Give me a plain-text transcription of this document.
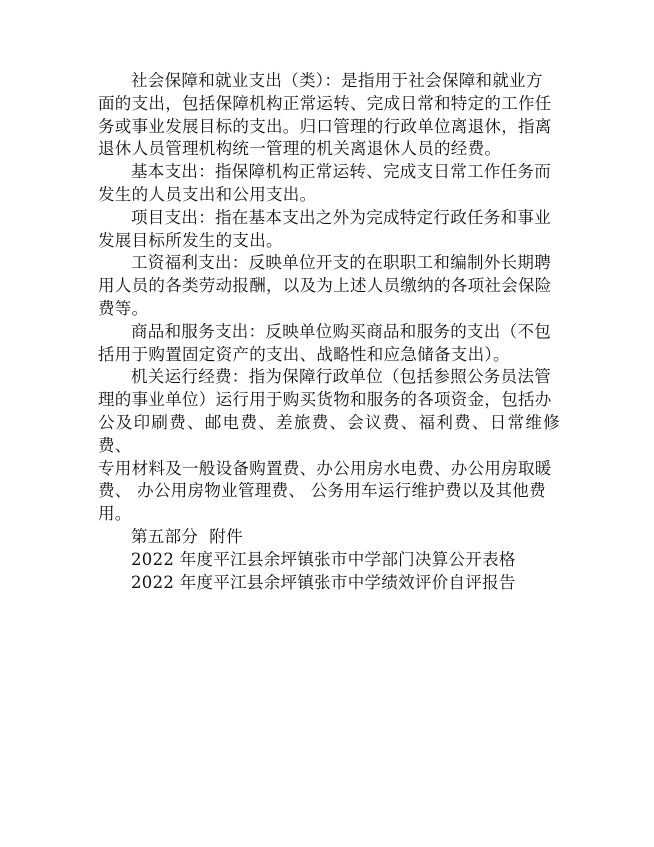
社会保障和就业支出（类）：是指用于社会保障和就业方
面的支出，包括保障机构正常运转、完成日常和特定的工作任
务或事业发展目标的支出。归口管理的行政单位离退休，指离
退休人员管理机构统一管理的机关离退休人员的经费。

基本支出：指保障机构正常运转、完成支日常工作任务而
发生的人员支出和公用支出。

项目支出：指在基本支出之外为完成特定行政任务和事业
发展目标所发生的支出。

工资福利支出：反映单位开支的在职职工和编制外长期聘
用人员的各类劳动报酬，以及为上述人员缴纳的各项社会保险
费等。

商品和服务支出：反映单位购买商品和服务的支出（不包
括用于购置固定资产的支出、战略性和应急储备支出）。

机关运行经费：指为保障行政单位（包括参照公务员法管
理的事业单位）运行用于购买货物和服务的各项资金，包括办
公及印刷费、邮电费、差旅费、会议费、福利费、日常维修费、
专用材料及一般设备购置费、办公用房水电费、办公用房取暖
费、 办公用房物业管理费、 公务用车运行维护费以及其他费
用。

第五部分  附件

2022 年度平江县余坪镇张市中学部门决算公开表格

2022 年度平江县余坪镇张市中学绩效评价自评报告
